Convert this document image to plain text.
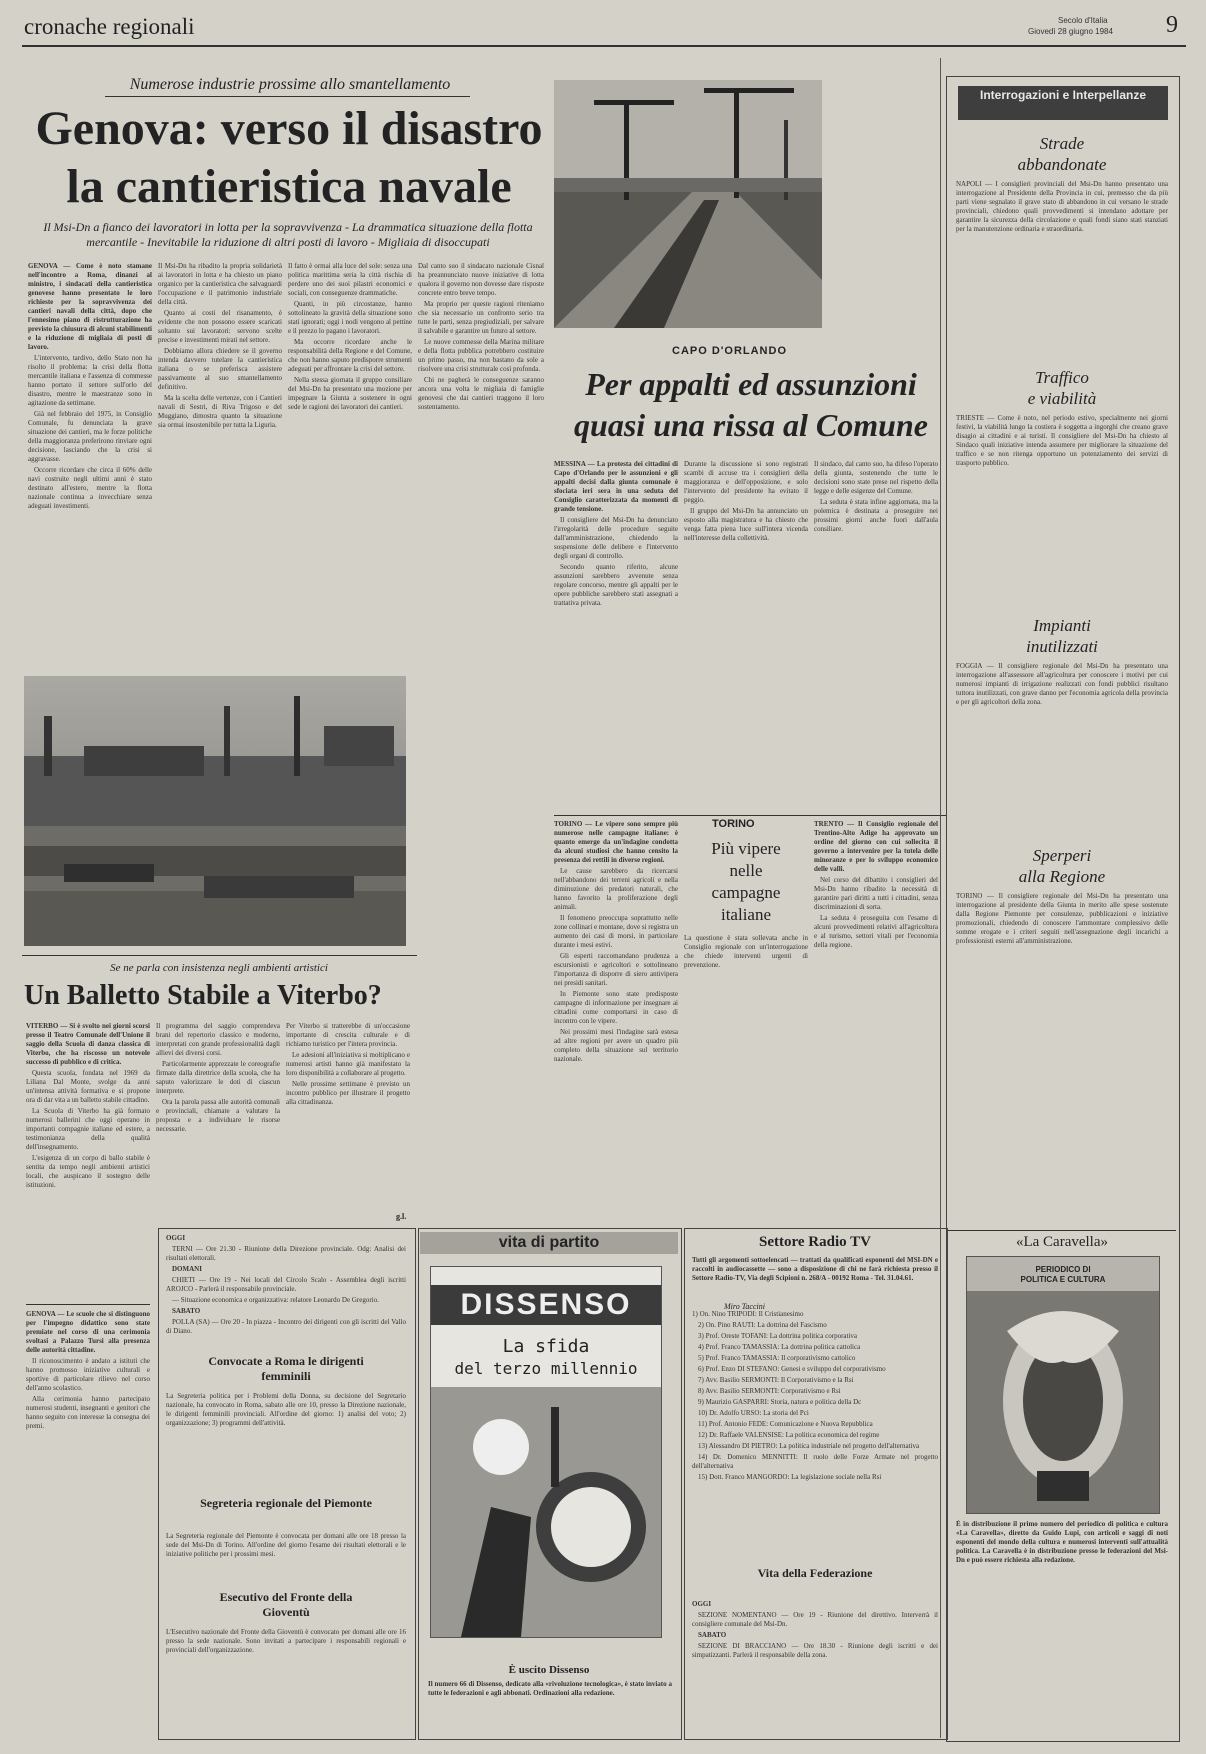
cronache regionali	Secolo d'Italia
Giovedì 28 giugno 1984 9
Numerose industrie prossime allo smantellamento
Genova: verso il disastro
la cantieristica navale
Il Msi-Dn a fianco dei lavoratori in lotta per la sopravvivenza - La drammatica situazione della flotta mercantile - Inevitabile la riduzione di altri posti di lavoro - Migliaia di disoccupati

GENOVA — Come è noto stamane nell'incontro a Roma, dinanzi al ministro, i sindacati della cantieristica genovese hanno presentato le loro richieste per la sopravvivenza dei cantieri navali della città, dopo che l'ennesimo piano di ristrutturazione ha previsto la chiusura di alcuni stabilimenti e la riduzione di migliaia di posti di lavoro.

L'intervento, tardivo, dello Stato non ha risolto il problema: la crisi della flotta mercantile italiana e l'assenza di commesse hanno portato il settore sull'orlo del disastro, mentre le maestranze sono in agitazione da settimane.

Già nel febbraio del 1975, in Consiglio Comunale, fu denunciata la grave situazione dei cantieri, ma le forze politiche della maggioranza preferirono rinviare ogni decisione, lasciando che la crisi si aggravasse.

Occorre ricordare che circa il 60% delle navi costruite negli ultimi anni è stato destinato all'estero, mentre la flotta nazionale continua a invecchiare senza adeguati investimenti.

Il Msi-Dn ha ribadito la propria solidarietà ai lavoratori in lotta e ha chiesto un piano organico per la cantieristica che salvaguardi l'occupazione e il patrimonio industriale della città.

Quanto ai costi del risanamento, è evidente che non possono essere scaricati soltanto sui lavoratori: servono scelte precise e investimenti mirati nel settore.

Dobbiamo allora chiedere se il governo intenda davvero tutelare la cantieristica italiana o se preferisca assistere passivamente al suo smantellamento definitivo.

Ma la scelta delle vertenze, con i Cantieri navali di Sestri, di Riva Trigoso e del Muggiano, dimostra quanto la situazione sia ormai insostenibile per tutta la Liguria.

Il fatto è ormai alla luce del sole: senza una politica marittima seria la città rischia di perdere uno dei suoi pilastri economici e sociali, con conseguenze drammatiche.

Quanti, in più circostanze, hanno sottolineato la gravità della situazione sono stati ignorati; oggi i nodi vengono al pettine e il prezzo lo pagano i lavoratori.

Ma occorre ricordare anche le responsabilità della Regione e del Comune, che non hanno saputo predisporre strumenti adeguati per affrontare la crisi del settore.

Nella stessa giornata il gruppo consiliare del Msi-Dn ha presentato una mozione per impegnare la Giunta a sostenere in ogni sede le ragioni dei lavoratori dei cantieri.

Dal canto suo il sindacato nazionale Cisnal ha preannunciato nuove iniziative di lotta qualora il governo non dovesse dare risposte concrete entro breve tempo.

Ma proprio per queste ragioni riteniamo che sia necessario un confronto serio tra tutte le parti, senza pregiudiziali, per salvare il salvabile e garantire un futuro al settore.

Le nuove commesse della Marina militare e della flotta pubblica potrebbero costituire un primo passo, ma non bastano da sole a risolvere una crisi strutturale così profonda.

Chi ne pagherà le conseguenze saranno ancora una volta le migliaia di famiglie genovesi che dai cantieri traggono il loro sostentamento.

CAPO D'ORLANDO
Per appalti ed assunzioni
quasi una rissa al Comune

MESSINA — La protesta dei cittadini di Capo d'Orlando per le assunzioni e gli appalti decisi dalla giunta comunale è sfociata ieri sera in una seduta del Consiglio caratterizzata da momenti di grande tensione.

Il consigliere del Msi-Dn ha denunciato l'irregolarità delle procedure seguite dall'amministrazione, chiedendo la sospensione delle delibere e l'intervento degli organi di controllo.

Secondo quanto riferito, alcune assunzioni sarebbero avvenute senza regolare concorso, mentre gli appalti per le opere pubbliche sarebbero stati assegnati a trattativa privata.

Durante la discussione si sono registrati scambi di accuse tra i consiglieri della maggioranza e dell'opposizione, e solo l'intervento del presidente ha evitato il peggio.

Il gruppo del Msi-Dn ha annunciato un esposto alla magistratura e ha chiesto che venga fatta piena luce sull'intera vicenda nell'interesse della collettività.

Il sindaco, dal canto suo, ha difeso l'operato della giunta, sostenendo che tutte le decisioni sono state prese nel rispetto della legge e delle esigenze del Comune.

La seduta è stata infine aggiornata, ma la polemica è destinata a proseguire nei prossimi giorni anche fuori dall'aula consiliare.

TORINO — Le vipere sono sempre più numerose nelle campagne italiane: è quanto emerge da un'indagine condotta da alcuni studiosi che hanno censito la presenza dei rettili in diverse regioni.

Le cause sarebbero da ricercarsi nell'abbandono dei terreni agricoli e nella diminuzione dei predatori naturali, che hanno favorito la proliferazione degli animali.

Il fenomeno preoccupa soprattutto nelle zone collinari e montane, dove si registra un aumento dei casi di morsi, in particolare durante i mesi estivi.

Gli esperti raccomandano prudenza a escursionisti e agricoltori e sottolineano l'importanza di disporre di siero antivipera nei presidi sanitari.

In Piemonte sono state predisposte campagne di informazione per insegnare ai cittadini come comportarsi in caso di incontro con le vipere.

Nei prossimi mesi l'indagine sarà estesa ad altre regioni per avere un quadro più completo della situazione sul territorio nazionale.

TORINO
Più vipere
nelle
campagne
italiane

La questione è stata sollevata anche in Consiglio regionale con un'interrogazione che chiede interventi urgenti di prevenzione.

Miro Taccini

TRENTO — Il Consiglio regionale del Trentino-Alto Adige ha approvato un ordine del giorno con cui sollecita il governo a intervenire per la tutela delle minoranze e per lo sviluppo economico delle valli.

Nel corso del dibattito i consiglieri del Msi-Dn hanno ribadito la necessità di garantire pari diritti a tutti i cittadini, senza discriminazioni di sorta.

La seduta è proseguita con l'esame di alcuni provvedimenti relativi all'agricoltura e al turismo, settori vitali per l'economia della regione.

Se ne parla con insistenza negli ambienti artistici
Un Balletto Stabile a Viterbo?

VITERBO — Si è svolto nei giorni scorsi presso il Teatro Comunale dell'Unione il saggio della Scuola di danza classica di Viterbo, che ha riscosso un notevole successo di pubblico e di critica.

Questa scuola, fondata nel 1969 da Liliana Dal Monte, svolge da anni un'intensa attività formativa e si propone ora di dar vita a un balletto stabile cittadino.

La Scuola di Viterbo ha già formato numerosi ballerini che oggi operano in importanti compagnie italiane ed estere, a testimonianza della qualità dell'insegnamento.

L'esigenza di un corpo di ballo stabile è sentita da tempo negli ambienti artistici locali, che auspicano il sostegno delle istituzioni.

Il programma del saggio comprendeva brani del repertorio classico e moderno, interpretati con grande professionalità dagli allievi dei diversi corsi.

Particolarmente apprezzate le coreografie firmate dalla direttrice della scuola, che ha saputo valorizzare le doti di ciascun interprete.

Ora la parola passa alle autorità comunali e provinciali, chiamate a valutare la proposta e a individuare le risorse necessarie.

Per Viterbo si tratterebbe di un'occasione importante di crescita culturale e di richiamo turistico per l'intera provincia.

Le adesioni all'iniziativa si moltiplicano e numerosi artisti hanno già manifestato la loro disponibilità a collaborare al progetto.

Nelle prossime settimane è previsto un incontro pubblico per illustrare il progetto alla cittadinanza.

g.l.

GENOVA — Le scuole che si distinguono per l'impegno didattico sono state premiate nel corso di una cerimonia svoltasi a Palazzo Tursi alla presenza delle autorità cittadine.

Il riconoscimento è andato a istituti che hanno promosso iniziative culturali e sportive di particolare rilievo nel corso dell'anno scolastico.

Alla cerimonia hanno partecipato numerosi studenti, insegnanti e genitori che hanno seguito con interesse la consegna dei premi.

OGGI

TERNI — Ore 21.30 - Riunione della Direzione provinciale. Odg: Analisi dei risultati elettorali.

DOMANI

CHIETI — Ore 19 - Nei locali del Circolo Scalo - Assemblea degli iscritti AROJCO - Parlerà il responsabile provinciale.

— Situazione economica e organizzativa: relatore Leonardo De Gregorio.

SABATO

POLLA (SA) — Ore 20 - In piazza - Incontro dei dirigenti con gli iscritti del Vallo di Diano.

Convocate a Roma le dirigenti femminili
La Segreteria politica per i Problemi della Donna, su decisione del Segretario nazionale, ha convocato in Roma, sabato alle ore 10, presso la Direzione nazionale, le dirigenti femminili provinciali. All'ordine del giorno: 1) analisi del voto; 2) organizzazione; 3) programmi dell'attività.
Segreteria regionale del Piemonte
La Segreteria regionale del Piemonte è convocata per domani alle ore 18 presso la sede del Msi-Dn di Torino. All'ordine del giorno l'esame dei risultati elettorali e le iniziative politiche per i prossimi mesi.
Esecutivo del Fronte della Gioventù
L'Esecutivo nazionale del Fronte della Gioventù è convocato per domani alle ore 16 presso la sede nazionale. Sono invitati a partecipare i responsabili regionali e provinciali dell'organizzazione.
vita di partito
DISSENSO
La sfida
del terzo millennio
È uscito Dissenso
Il numero 66 di Dissenso, dedicato alla «rivoluzione tecnologica», è stato inviato a tutte le federazioni e agli abbonati. Ordinazioni alla redazione.
Settore Radio TV
Tutti gli argomenti sottoelencati — trattati da qualificati esponenti del MSI-DN e raccolti in audiocassette — sono a disposizione di chi ne farà richiesta presso il Settore Radio-TV, Via degli Scipioni n. 268/A - 00192 Roma - Tel. 31.04.61.

1) On. Nino TRIPODI: Il Cristianesimo

2) On. Pino RAUTI: La dottrina del Fascismo

3) Prof. Oreste TOFANI: La dottrina politica corporativa

4) Prof. Franco TAMASSIA: La dottrina politica cattolica

5) Prof. Franco TAMASSIA: Il corporativismo cattolico

6) Prof. Enzo DI STEFANO: Genesi e sviluppo del corporativismo

7) Avv. Basilio SERMONTI: Il Corporativismo e la Rsi

8) Avv. Basilio SERMONTI: Corporativismo e Rsi

9) Maurizio GASPARRI: Storia, natura e politica della Dc

10) Dr. Adolfo URSO: La storia del Pci

11) Prof. Antonio FEDE: Comunicazione e Nuova Repubblica

12) Dr. Raffaele VALENSISE: La politica economica del regime

13) Alessandro DI PIETRO: La politica industriale nel progetto dell'alternativa

14) Dr. Domenico MENNITTI: Il ruolo delle Forze Armate nel progetto dell'alternativa

15) Dott. Franco MANGORDO: La legislazione sociale nella Rsi

Vita della Federazione

OGGI

SEZIONE NOMENTANO — Ore 19 - Riunione del direttivo. Interverrà il consigliere comunale del Msi-Dn.

SABATO

SEZIONE DI BRACCIANO — Ore 18.30 - Riunione degli iscritti e dei simpatizzanti. Parlerà il responsabile della zona.

Interrogazioni e Interpellanze
Strade
abbandonate
NAPOLI — I consiglieri provinciali del Msi-Dn hanno presentato una interrogazione al Presidente della Provincia in cui, premesso che da più parti viene segnalato il grave stato di abbandono in cui versano le strade provinciali, chiedono quali provvedimenti si intendano adottare per garantire la sicurezza della circolazione e quali fondi siano stati stanziati per la manutenzione ordinaria e straordinaria.
Traffico
e viabilità
TRIESTE — Come è noto, nel periodo estivo, specialmente nei giorni festivi, la viabilità lungo la costiera è soggetta a ingorghi che creano grave disagio ai cittadini e ai turisti. Il consigliere del Msi-Dn ha chiesto al Sindaco quali iniziative intenda assumere per migliorare la situazione del traffico e se non ritenga opportuno un potenziamento dei servizi di trasporto pubblico.
Impianti
inutilizzati
FOGGIA — Il consigliere regionale del Msi-Dn ha presentato una interrogazione all'assessore all'agricoltura per conoscere i motivi per cui numerosi impianti di irrigazione realizzati con fondi pubblici risultano tuttora inutilizzati, con grave danno per l'economia agricola della provincia e per gli agricoltori della zona.
Sperperi
alla Regione
TORINO — Il consigliere regionale del Msi-Dn ha presentato una interrogazione al presidente della Giunta in merito alle spese sostenute dalla Regione Piemonte per consulenze, pubblicazioni e iniziative promozionali, chiedendo di conoscere l'ammontare complessivo delle somme erogate e i criteri seguiti nell'assegnazione degli incarichi a professionisti esterni all'amministrazione.
«La Caravella»
PERIODICO DI
POLITICA E CULTURA
È in distribuzione il primo numero del periodico di politica e cultura «La Caravella», diretto da Guido Lupi, con articoli e saggi di noti esponenti del mondo della cultura e numerosi interventi sull'attualità politica. La Caravella è in distribuzione presso le federazioni del Msi-Dn e può essere richiesta alla redazione.
